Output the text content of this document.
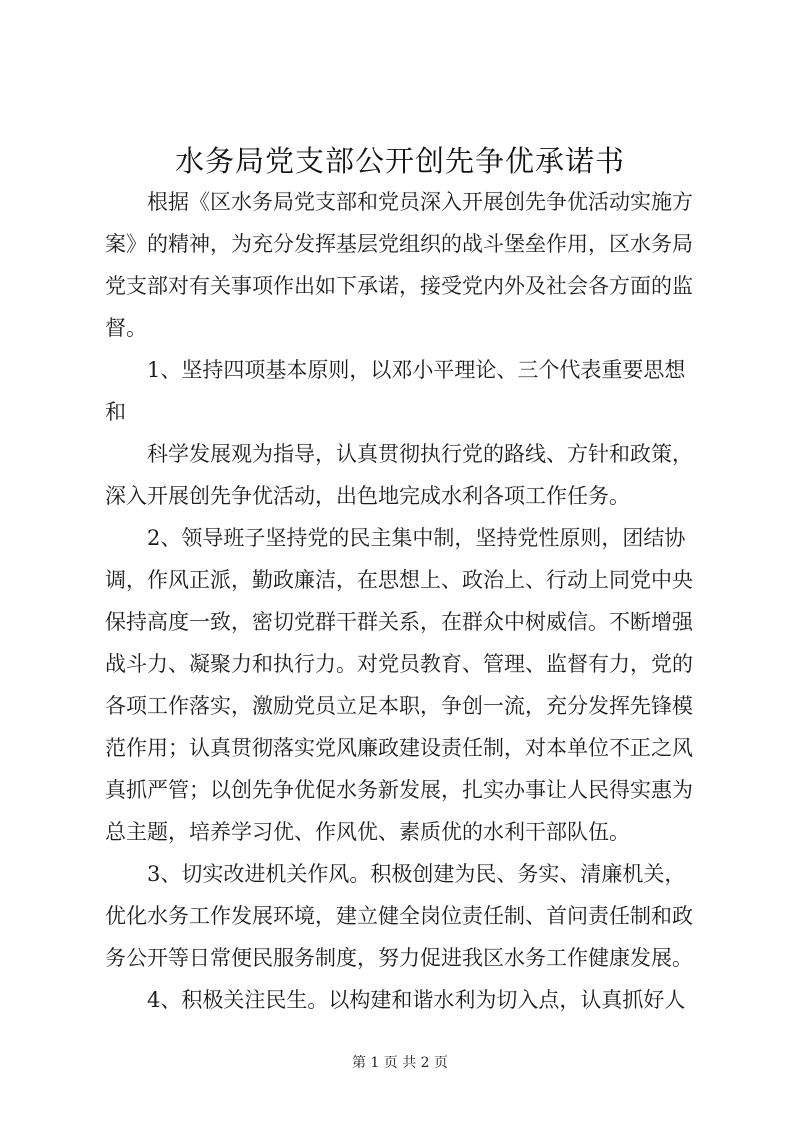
水务局党支部公开创先争优承诺书
根据《区水务局党支部和党员深入开展创先争优活动实施方
案》的精神，为充分发挥基层党组织的战斗堡垒作用，区水务局
党支部对有关事项作出如下承诺，接受党内外及社会各方面的监
督。
1、坚持四项基本原则，以邓小平理论、三个代表重要思想
和
科学发展观为指导，认真贯彻执行党的路线、方针和政策，
深入开展创先争优活动，出色地完成水利各项工作任务。
2、领导班子坚持党的民主集中制，坚持党性原则，团结协
调，作风正派，勤政廉洁，在思想上、政治上、行动上同党中央
保持高度一致，密切党群干群关系，在群众中树威信。不断增强
战斗力、凝聚力和执行力。对党员教育、管理、监督有力，党的
各项工作落实，激励党员立足本职，争创一流，充分发挥先锋模
范作用；认真贯彻落实党风廉政建设责任制，对本单位不正之风
真抓严管；以创先争优促水务新发展，扎实办事让人民得实惠为
总主题，培养学习优、作风优、素质优的水利干部队伍。
3、切实改进机关作风。积极创建为民、务实、清廉机关，
优化水务工作发展环境，建立健全岗位责任制、首问责任制和政
务公开等日常便民服务制度，努力促进我区水务工作健康发展。
4、积极关注民生。以构建和谐水利为切入点，认真抓好人
第 1 页 共 2 页
